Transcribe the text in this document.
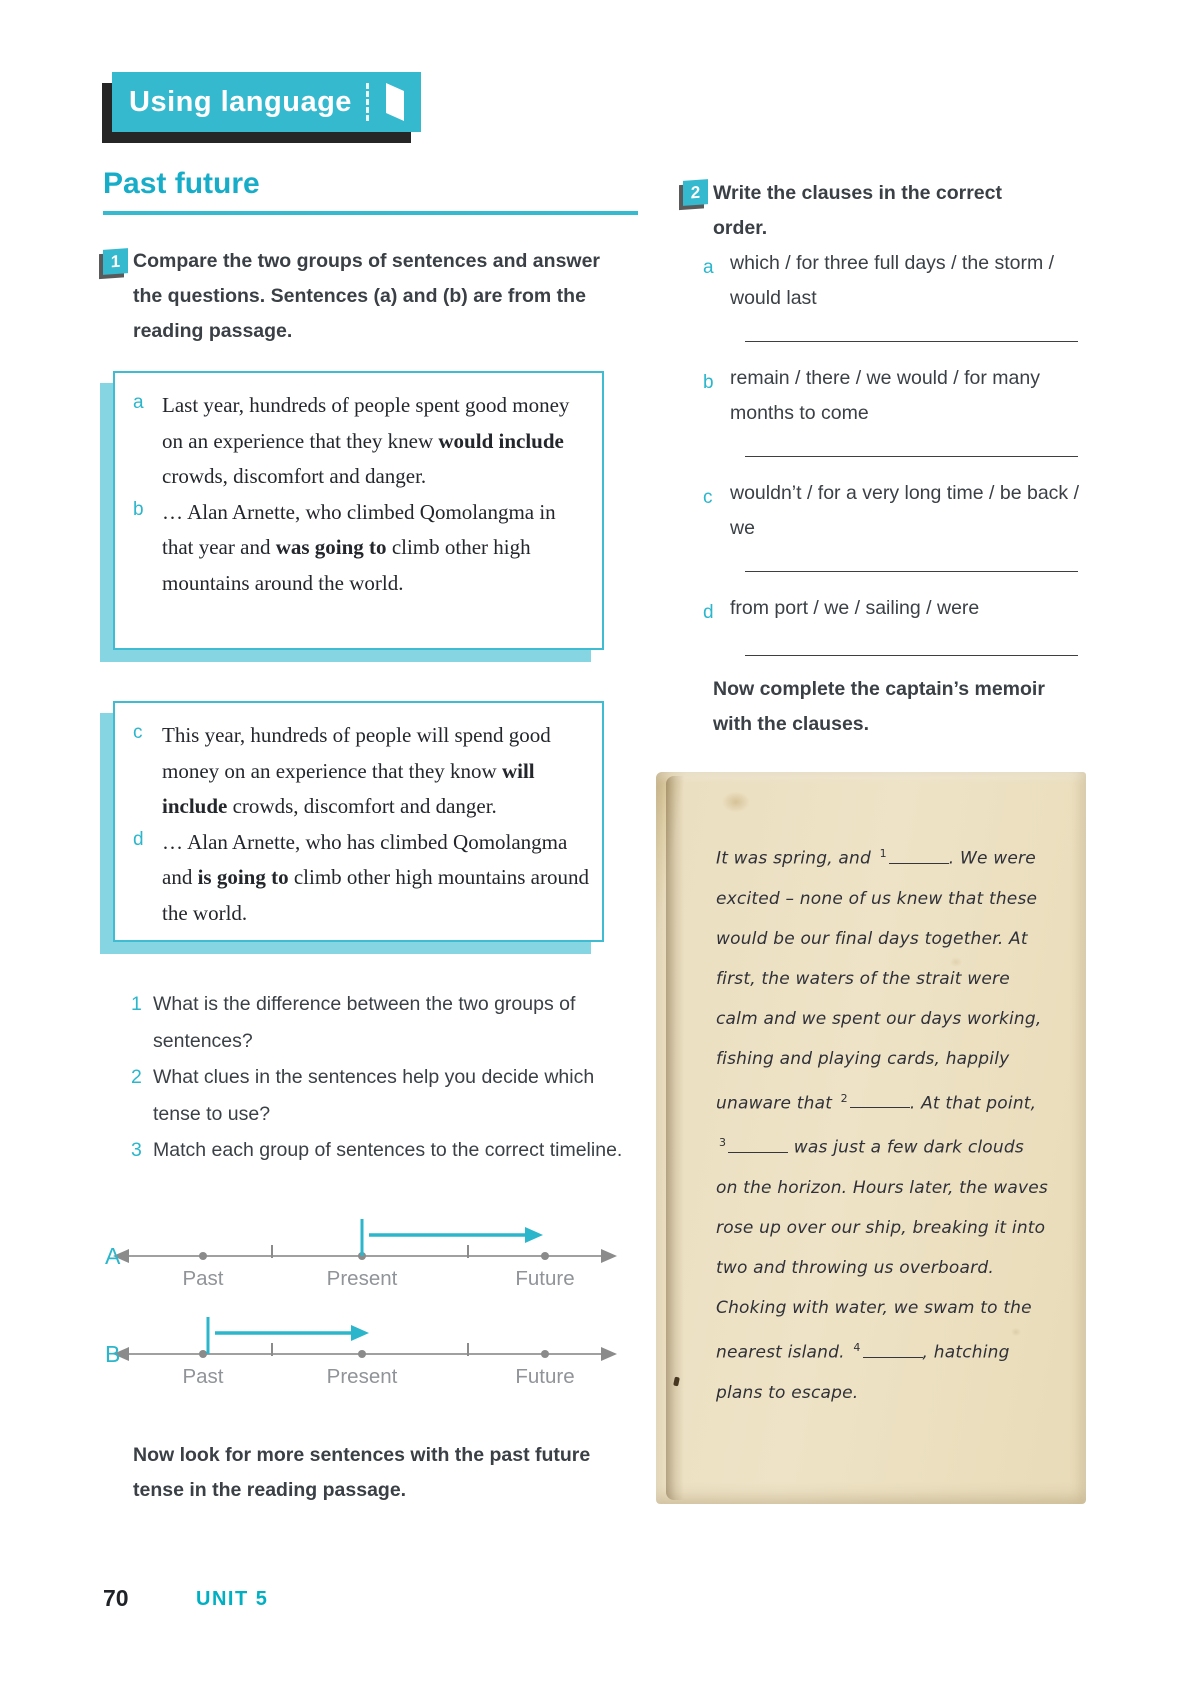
Using language
Past future
1 Compare the two groups of sentences and answer the questions. Sentences (a) and (b) are from the reading passage.

a Last year, hundreds of people spent good money on an experience that they knew would include crowds, discomfort and danger.

b … Alan Arnette, who climbed Qomolangma in that year and was going to climb other high mountains around the world.

c This year, hundreds of people will spend good money on an experience that they know will include crowds, discomfort and danger.

d … Alan Arnette, who has climbed Qomolangma and is going to climb other high mountains around the world.

1 What is the difference between the two groups of sentences?
2 What clues in the sentences help you decide which tense to use?
3 Match each group of sentences to the correct timeline.
A
Past	Present	Future
B
Past	Present	Future

Now look for more sentences with the past future tense in the reading passage.

2 Write the clauses in the correct order.

a which / for three full days / the storm / would last
b remain / there / we would / for many months to come
c wouldn’t / for a very long time / be back / we
d from port / we / sailing / were

Now complete the captain’s memoir with the clauses.

It was spring, and $^1$	. We were excited – none of us knew that these would be our final days together. At first, the waters of the strait were calm and we spent our days working, fishing and playing cards, happily unaware that $^2$	. At that point, $^3$	was just a few dark clouds on the horizon. Hours later, the waves rose up over our ship, breaking it into two and throwing us overboard. Choking with water, we swam to the nearest island. $^4$	, hatching plans to escape.
70	UNIT 5
